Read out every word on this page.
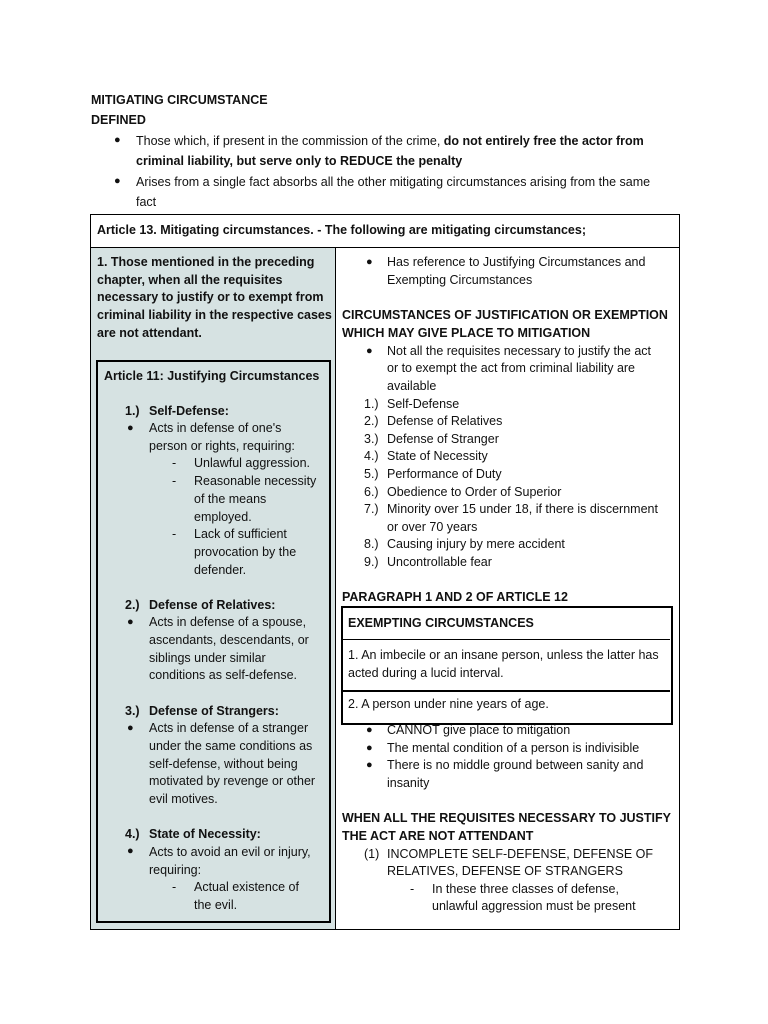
MITIGATING CIRCUMSTANCE
DEFINED
● Those which, if present in the commission of the crime, do not entirely free the actor from
criminal liability, but serve only to REDUCE the penalty
● Arises from a single fact absorbs all the other mitigating circumstances arising from the same
fact
Article 13. Mitigating circumstances. - The following are mitigating circumstances;
1. Those mentioned in the preceding
chapter, when all the requisites
necessary to justify or to exempt from
criminal liability in the respective cases
are not attendant.
Article 11: Justifying Circumstances
1.) Self-Defense:
● Acts in defense of one's
person or rights, requiring:
- Unlawful aggression.
- Reasonable necessity
of the means
employed.
- Lack of sufficient
provocation by the
defender.
2.) Defense of Relatives:
● Acts in defense of a spouse,
ascendants, descendants, or
siblings under similar
conditions as self-defense.
3.) Defense of Strangers:
● Acts in defense of a stranger
under the same conditions as
self-defense, without being
motivated by revenge or other
evil motives.
4.) State of Necessity:
● Acts to avoid an evil or injury,
requiring:
- Actual existence of
the evil.
● Has reference to Justifying Circumstances and
Exempting Circumstances
CIRCUMSTANCES OF JUSTIFICATION OR EXEMPTION
WHICH MAY GIVE PLACE TO MITIGATION
● Not all the requisites necessary to justify the act
or to exempt the act from criminal liability are
available
1.) Self-Defense
2.) Defense of Relatives
3.) Defense of Stranger
4.) State of Necessity
5.) Performance of Duty
6.) Obedience to Order of Superior
7.) Minority over 15 under 18, if there is discernment
or over 70 years
8.) Causing injury by mere accident
9.) Uncontrollable fear
PARAGRAPH 1 AND 2 OF ARTICLE 12
EXEMPTING CIRCUMSTANCES
1. An imbecile or an insane person, unless the latter has
acted during a lucid interval.
2. A person under nine years of age.
● CANNOT give place to mitigation
● The mental condition of a person is indivisible
● There is no middle ground between sanity and
insanity
WHEN ALL THE REQUISITES NECESSARY TO JUSTIFY
THE ACT ARE NOT ATTENDANT
(1) INCOMPLETE SELF-DEFENSE, DEFENSE OF
RELATIVES, DEFENSE OF STRANGERS
- In these three classes of defense,
unlawful aggression must be present
